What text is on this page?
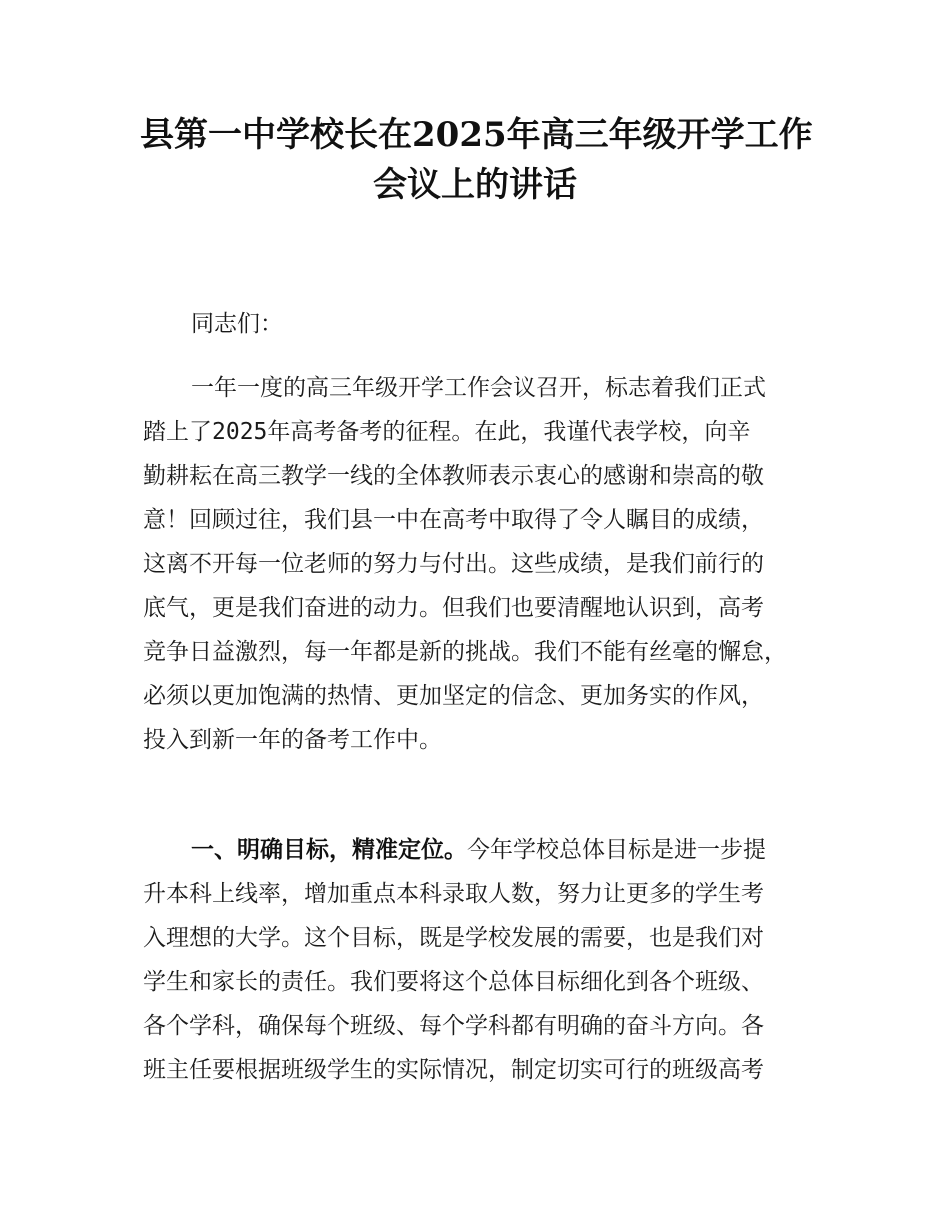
县第一中学校长在2025年高三年级开学工作
会议上的讲话
同志们：
一年一度的高三年级开学工作会议召开，标志着我们正式
踏上了2025年高考备考的征程。在此，我谨代表学校，向辛
勤耕耘在高三教学一线的全体教师表示衷心的感谢和崇高的敬
意！回顾过往，我们县一中在高考中取得了令人瞩目的成绩，
这离不开每一位老师的努力与付出。这些成绩，是我们前行的
底气，更是我们奋进的动力。但我们也要清醒地认识到，高考
竞争日益激烈，每一年都是新的挑战。我们不能有丝毫的懈怠，
必须以更加饱满的热情、更加坚定的信念、更加务实的作风，
投入到新一年的备考工作中。
一、明确目标，精准定位。今年学校总体目标是进一步提
升本科上线率，增加重点本科录取人数，努力让更多的学生考
入理想的大学。这个目标，既是学校发展的需要，也是我们对
学生和家长的责任。我们要将这个总体目标细化到各个班级、
各个学科，确保每个班级、每个学科都有明确的奋斗方向。各
班主任要根据班级学生的实际情况，制定切实可行的班级高考
